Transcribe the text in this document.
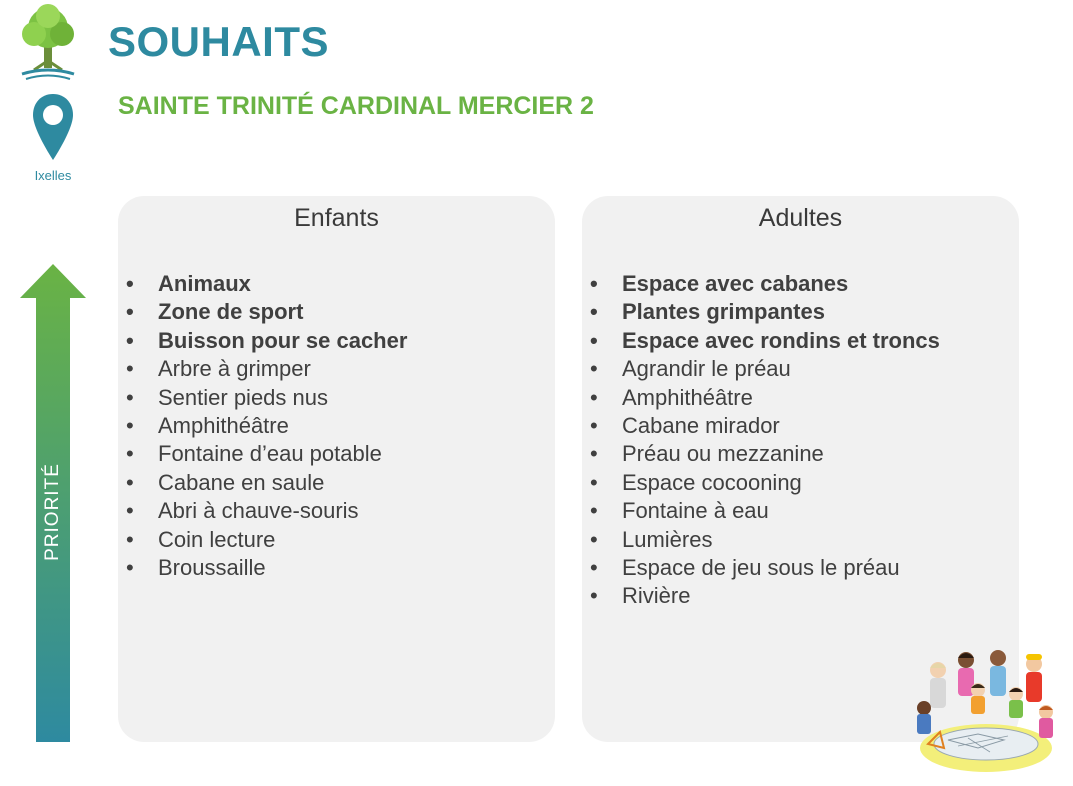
SOUHAITS
SAINTE TRINITÉ CARDINAL MERCIER 2
Ixelles
PRIORITÉ
Enfants
• Animaux
• Zone de sport
• Buisson pour se cacher
• Arbre à grimper
• Sentier pieds nus
• Amphithéâtre
• Fontaine d’eau potable
• Cabane en saule
• Abri à chauve-souris
• Coin lecture
• Broussaille
Adultes
• Espace avec cabanes
• Plantes grimpantes
• Espace avec rondins et troncs
• Agrandir le préau
• Amphithéâtre
• Cabane mirador
• Préau ou mezzanine
• Espace cocooning
• Fontaine à eau
• Lumières
• Espace de jeu sous le préau
• Rivière
